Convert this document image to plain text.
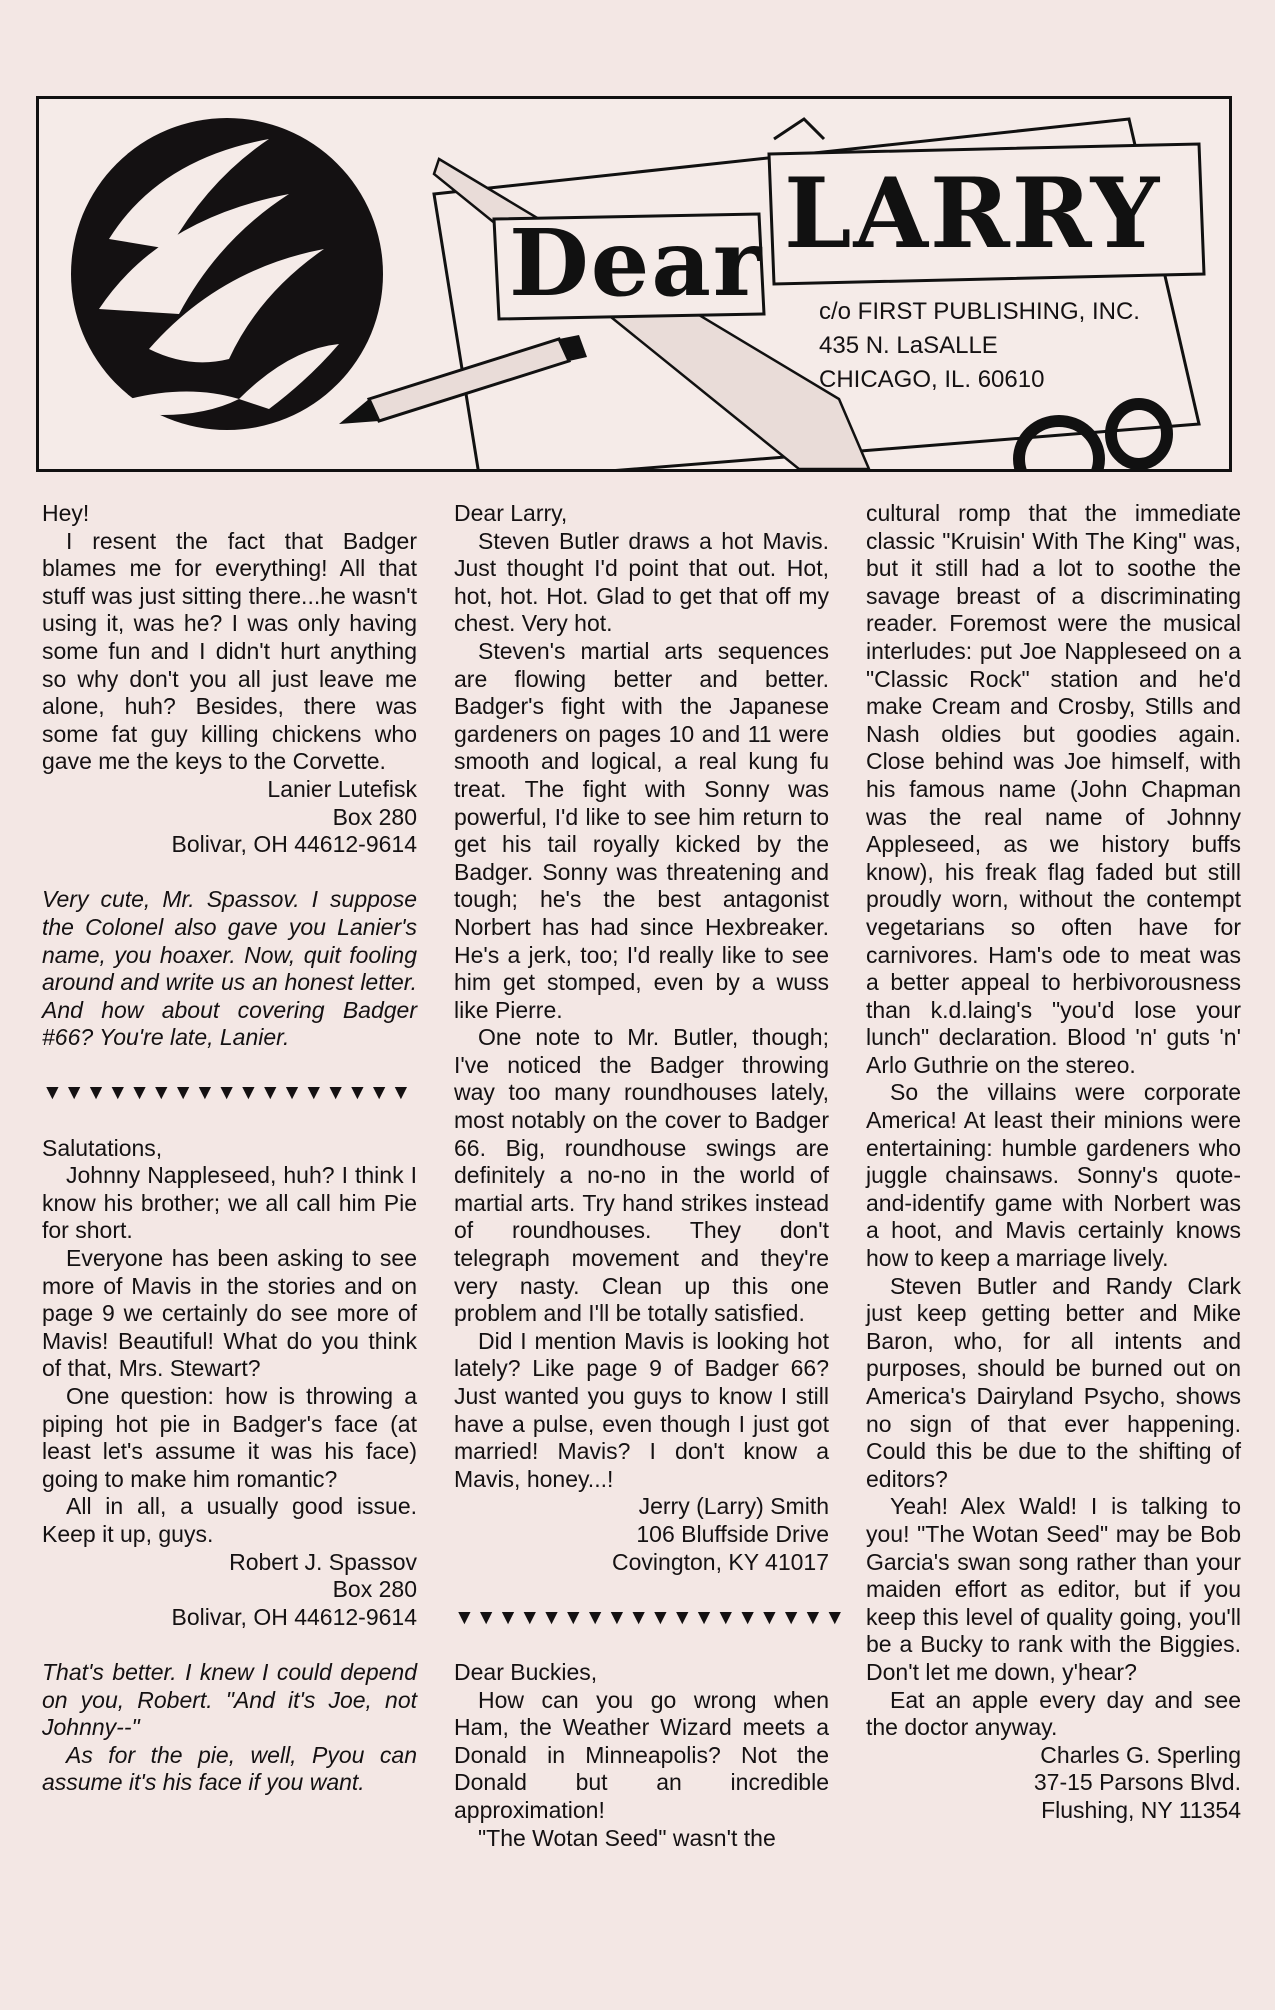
Dear LARRY
c/o FIRST PUBLISHING, INC.
435 N. LaSALLE
CHICAGO, IL. 60610

Hey!

I resent the fact that Badger blames me for everything! All that stuff was just sitting there...he wasn't using it, was he? I was only having some fun and I didn't hurt anything so why don't you all just leave me alone, huh? Besides, there was some fat guy killing chickens who gave me the keys to the Corvette.

Lanier Lutefisk

Box 280

Bolivar, OH 44612-9614

Very cute, Mr. Spassov. I suppose the Colonel also gave you Lanier's name, you hoaxer. Now, quit fooling around and write us an honest letter. And how about covering Badger #66? You're late, Lanier.

▼▼▼▼▼▼▼▼▼▼▼▼▼▼▼▼▼

Salutations,

Johnny Nappleseed, huh? I think I know his brother; we all call him Pie for short.

Everyone has been asking to see more of Mavis in the stories and on page 9 we certainly do see more of Mavis! Beautiful! What do you think of that, Mrs. Stewart?

One question: how is throwing a piping hot pie in Badger's face (at least let's assume it was his face) going to make him romantic?

All in all, a usually good issue. Keep it up, guys.

Robert J. Spassov

Box 280

Bolivar, OH 44612-9614

That's better. I knew I could depend on you, Robert. "And it's Joe, not Johnny--"

As for the pie, well, Pyou can assume it's his face if you want.

Dear Larry,

Steven Butler draws a hot Mavis. Just thought I'd point that out. Hot, hot, hot. Hot. Glad to get that off my chest. Very hot.

Steven's martial arts sequences are flowing better and better. Badger's fight with the Japanese gardeners on pages 10 and 11 were smooth and logical, a real kung fu treat. The fight with Sonny was powerful, I'd like to see him return to get his tail royally kicked by the Badger. Sonny was threatening and tough; he's the best antagonist Norbert has had since Hexbreaker. He's a jerk, too; I'd really like to see him get stomped, even by a wuss like Pierre.

One note to Mr. Butler, though; I've noticed the Badger throwing way too many roundhouses lately, most notably on the cover to Badger 66. Big, roundhouse swings are definitely a no-no in the world of martial arts. Try hand strikes instead of roundhouses. They don't telegraph movement and they're very nasty. Clean up this one problem and I'll be totally satisfied.

Did I mention Mavis is looking hot lately? Like page 9 of Badger 66? Just wanted you guys to know I still have a pulse, even though I just got married! Mavis? I don't know a Mavis, honey...!

Jerry (Larry) Smith

106 Bluffside Drive

Covington, KY 41017

▼▼▼▼▼▼▼▼▼▼▼▼▼▼▼▼▼▼

Dear Buckies,

How can you go wrong when Ham, the Weather Wizard meets a Donald in Minneapolis? Not the Donald but an incredible approximation!

"The Wotan Seed" wasn't the

cultural romp that the immediate classic "Kruisin' With The King" was, but it still had a lot to soothe the savage breast of a discriminating reader. Foremost were the musical interludes: put Joe Nappleseed on a "Classic Rock" station and he'd make Cream and Crosby, Stills and Nash oldies but goodies again. Close behind was Joe himself, with his famous name (John Chapman was the real name of Johnny Appleseed, as we history buffs know), his freak flag faded but still proudly worn, without the contempt vegetarians so often have for carnivores. Ham's ode to meat was a better appeal to herbivorousness than k.d.laing's "you'd lose your lunch" declaration. Blood 'n' guts 'n' Arlo Guthrie on the stereo.

So the villains were corporate America! At least their minions were entertaining: humble gardeners who juggle chainsaws. Sonny's quote-and-identify game with Norbert was a hoot, and Mavis certainly knows how to keep a marriage lively.

Steven Butler and Randy Clark just keep getting better and Mike Baron, who, for all intents and purposes, should be burned out on America's Dairyland Psycho, shows no sign of that ever happening. Could this be due to the shifting of editors?

Yeah! Alex Wald! I is talking to you! "The Wotan Seed" may be Bob Garcia's swan song rather than your maiden effort as editor, but if you keep this level of quality going, you'll be a Bucky to rank with the Biggies. Don't let me down, y'hear?

Eat an apple every day and see the doctor anyway.

Charles G. Sperling

37-15 Parsons Blvd.

Flushing, NY 11354
